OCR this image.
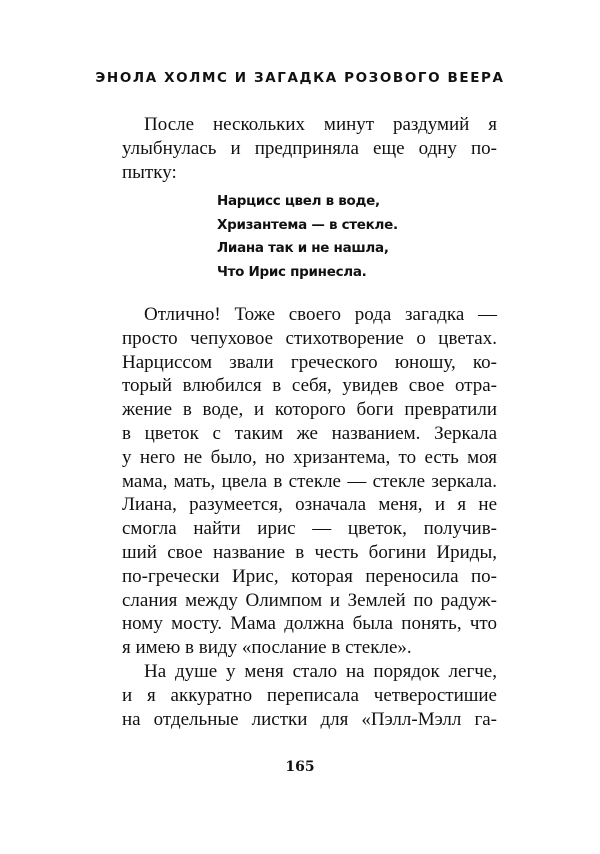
ЭНОЛА ХОЛМС И ЗАГАДКА РОЗОВОГО ВЕЕРА
После нескольких минут раздумий я
улыбнулась и предприняла еще одну по-
пытку:
Нарцисс цвел в воде,
Хризантема — в стекле.
Лиана так и не нашла,
Что Ирис принесла.
Отлично! Тоже своего рода загадка —
просто чепуховое стихотворение о цветах.
Нарциссом звали греческого юношу, ко-
торый влюбился в себя, увидев свое отра-
жение в воде, и которого боги превратили
в цветок с таким же названием. Зеркала
у него не было, но хризантема, то есть моя
мама, мать, цвела в стекле — стекле зеркала.
Лиана, разумеется, означала меня, и я не
смогла найти ирис — цветок, получив-
ший свое название в честь богини Ириды,
по-гречески Ирис, которая переносила по-
слания между Олимпом и Землей по радуж-
ному мосту. Мама должна была понять, что
я имею в виду «послание в стекле».
На душе у меня стало на порядок легче,
и я аккуратно переписала четверостишие
на отдельные листки для «Пэлл-Мэлл га-
165
